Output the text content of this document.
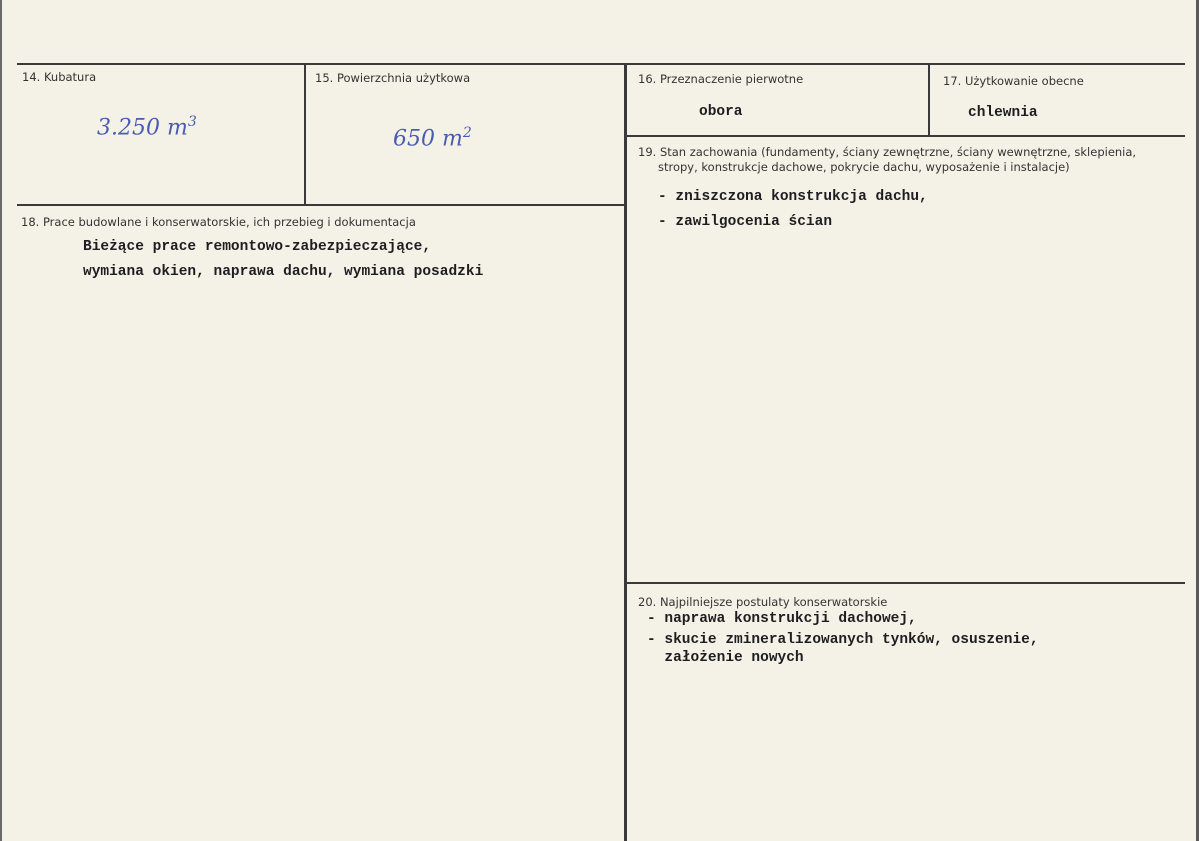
14. Kubatura
3.250 $m^3$
15. Powierzchnia użytkowa
650 $m^2$
16. Przeznaczenie pierwotne
obora
17. Użytkowanie obecne
chlewnia
18. Prace budowlane i konserwatorskie, ich przebieg i dokumentacja
Bieżące prace remontowo-zabezpieczające,
wymiana okien, naprawa dachu, wymiana posadzki
19. Stan zachowania (fundamenty, ściany zewnętrzne, ściany wewnętrzne, sklepienia,
stropy, konstrukcje dachowe, pokrycie dachu, wyposażenie i instalacje)
- zniszczona konstrukcja dachu,
- zawilgocenia ścian
20. Najpilniejsze postulaty konserwatorskie
- naprawa konstrukcji dachowej,
- skucie zmineralizowanych tynków, osuszenie,
założenie nowych
